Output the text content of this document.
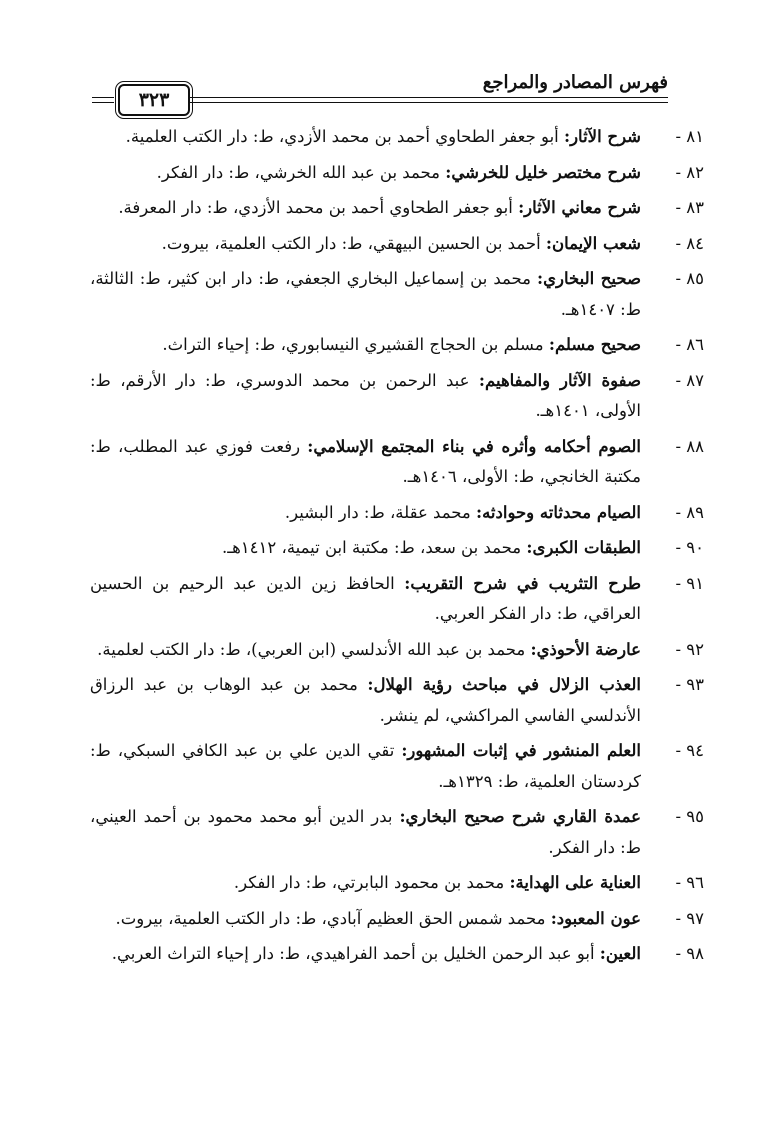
فهرس المصادر والمراجع
٣٢٣
٨١ -
شرح الآثار: أبو جعفر الطحاوي أحمد بن محمد الأزدي، ط: دار الكتب العلمية.
٨٢ -
شرح مختصر خليل للخرشي: محمد بن عبد الله الخرشي، ط: دار الفكر.
٨٣ -
شرح معاني الآثار: أبو جعفر الطحاوي أحمد بن محمد الأزدي، ط: دار المعرفة.
٨٤ -
شعب الإيمان: أحمد بن الحسين البيهقي، ط: دار الكتب العلمية، بيروت.
٨٥ -
صحيح البخاري: محمد بن إسماعيل البخاري الجعفي، ط: دار ابن كثير، ط: الثالثة، ط: ١٤٠٧هـ.
٨٦ -
صحيح مسلم: مسلم بن الحجاج القشيري النيسابوري، ط: إحياء التراث.
٨٧ -
صفوة الآثار والمفاهيم: عبد الرحمن بن محمد الدوسري، ط: دار الأرقم، ط: الأولى، ١٤٠١هـ.
٨٨ -
الصوم أحكامه وأثره في بناء المجتمع الإسلامي: رفعت فوزي عبد المطلب، ط: مكتبة الخانجي، ط: الأولى، ١٤٠٦هـ.
٨٩ -
الصيام محدثاته وحوادثه: محمد عقلة، ط: دار البشير.
٩٠ -
الطبقات الكبرى: محمد بن سعد، ط: مكتبة ابن تيمية، ١٤١٢هـ.
٩١ -
طرح التثريب في شرح التقريب: الحافظ زين الدين عبد الرحيم بن الحسين العراقي، ط: دار الفكر العربي.
٩٢ -
عارضة الأحوذي: محمد بن عبد الله الأندلسي (ابن العربي)، ط: دار الكتب لعلمية.
٩٣ -
العذب الزلال في مباحث رؤية الهلال: محمد بن عبد الوهاب بن عبد الرزاق الأندلسي الفاسي المراكشي، لم ينشر.
٩٤ -
العلم المنشور في إثبات المشهور: تقي الدين علي بن عبد الكافي السبكي، ط: كردستان العلمية، ط: ١٣٢٩هـ.
٩٥ -
عمدة القاري شرح صحيح البخاري: بدر الدين أبو محمد محمود بن أحمد العيني، ط: دار الفكر.
٩٦ -
العناية على الهداية: محمد بن محمود البابرتي، ط: دار الفكر.
٩٧ -
عون المعبود: محمد شمس الحق العظيم آبادي، ط: دار الكتب العلمية، بيروت.
٩٨ -
العين: أبو عبد الرحمن الخليل بن أحمد الفراهيدي، ط: دار إحياء التراث العربي.
